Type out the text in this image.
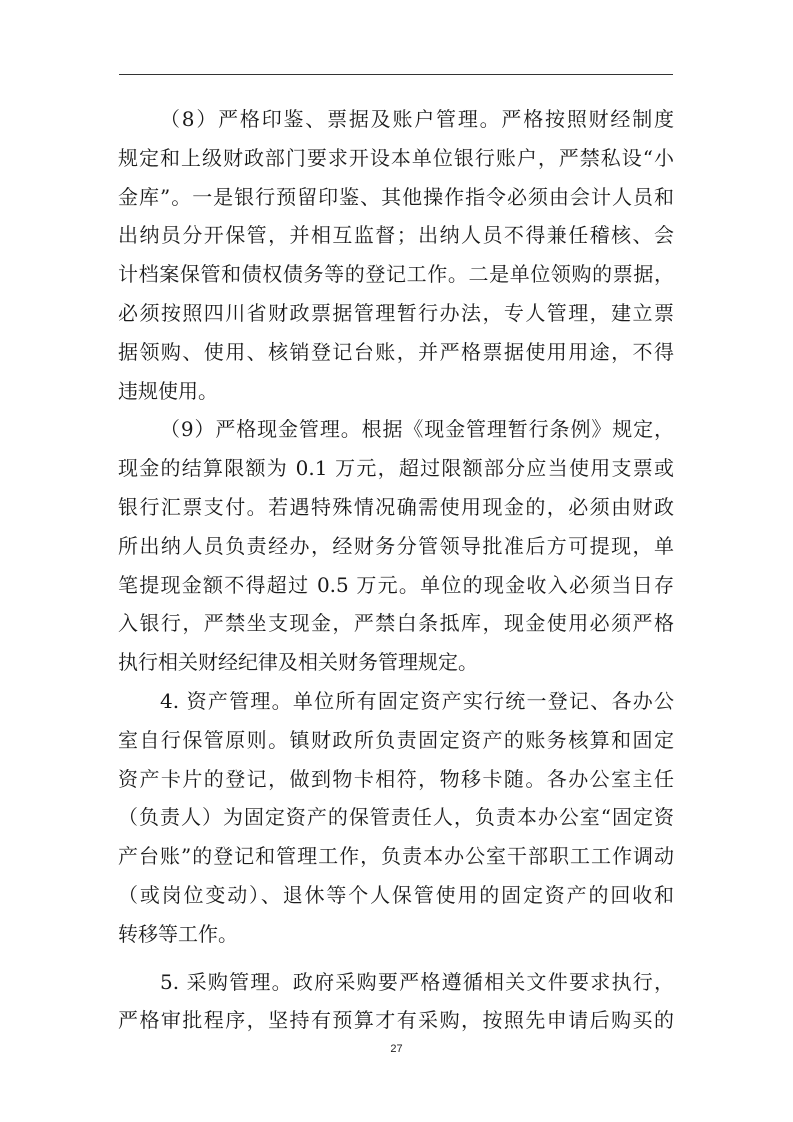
（8）严格印鉴、票据及账户管理。严格按照财经制度
规定和上级财政部门要求开设本单位银行账户，严禁私设“小
金库”。一是银行预留印鉴、其他操作指令必须由会计人员和
出纳员分开保管，并相互监督；出纳人员不得兼任稽核、会
计档案保管和债权债务等的登记工作。二是单位领购的票据，
必须按照四川省财政票据管理暂行办法，专人管理，建立票
据领购、使用、核销登记台账，并严格票据使用用途，不得
违规使用。
（9）严格现金管理。根据《现金管理暂行条例》规定，
现金的结算限额为 0.1 万元，超过限额部分应当使用支票或
银行汇票支付。若遇特殊情况确需使用现金的，必须由财政
所出纳人员负责经办，经财务分管领导批准后方可提现，单
笔提现金额不得超过 0.5 万元。单位的现金收入必须当日存
入银行，严禁坐支现金，严禁白条抵库，现金使用必须严格
执行相关财经纪律及相关财务管理规定。
4. 资产管理。单位所有固定资产实行统一登记、各办公
室自行保管原则。镇财政所负责固定资产的账务核算和固定
资产卡片的登记，做到物卡相符，物移卡随。各办公室主任
（负责人）为固定资产的保管责任人，负责本办公室“固定资
产台账”的登记和管理工作，负责本办公室干部职工工作调动
（或岗位变动）、退休等个人保管使用的固定资产的回收和
转移等工作。
5. 采购管理。政府采购要严格遵循相关文件要求执行，
严格审批程序，坚持有预算才有采购，按照先申请后购买的
27
